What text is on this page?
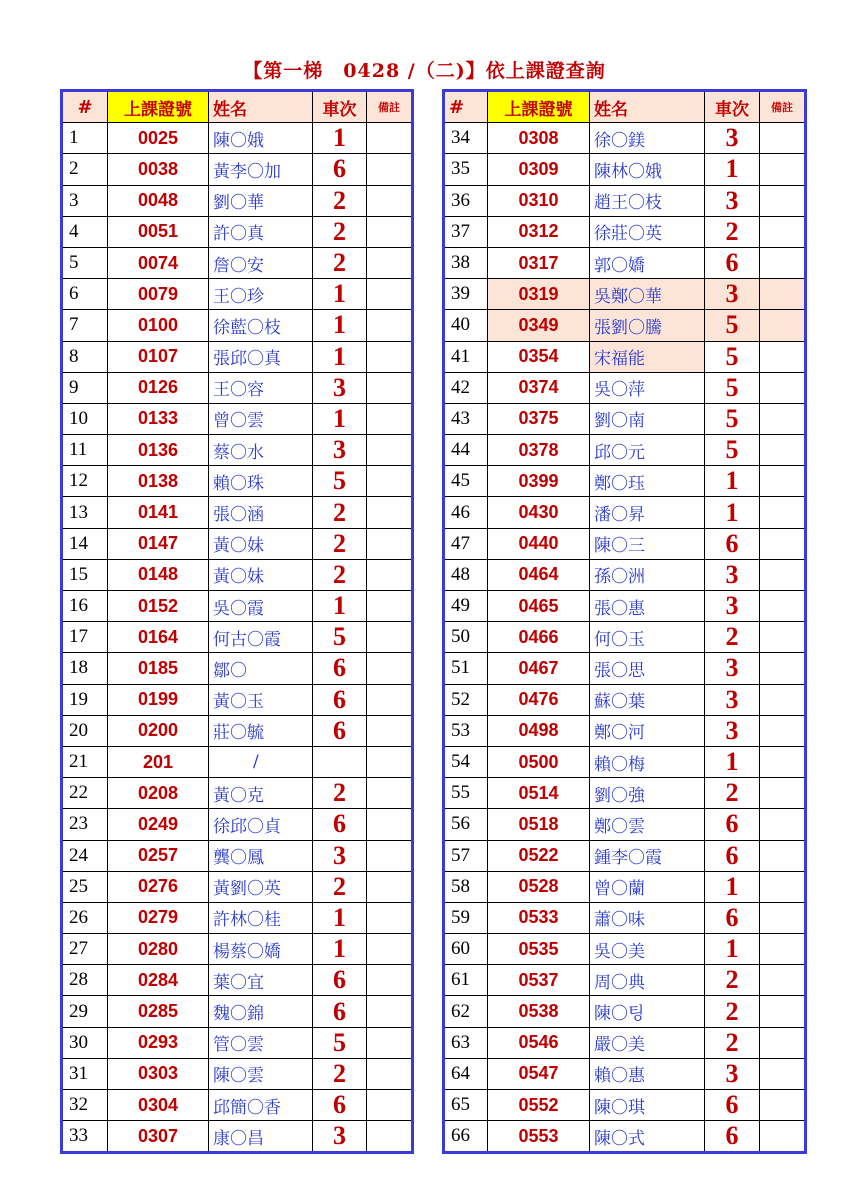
【第一梯　0428 /（二)】依上課證查詢
#	上課證號	姓名	車次	備註
1	0025	陳〇娥	1	
2	0038	黃李〇加	6	
3	0048	劉〇華	2	
4	0051	許〇真	2	
5	0074	詹〇安	2	
6	0079	王〇珍	1	
7	0100	徐藍〇枝	1	
8	0107	張邱〇真	1	
9	0126	王〇容	3	
10	0133	曾〇雲	1	
11	0136	蔡〇水	3	
12	0138	賴〇珠	5	
13	0141	張〇涵	2	
14	0147	黃〇妹	2	
15	0148	黃〇妹	2	
16	0152	吳〇霞	1	
17	0164	何古〇霞	5	
18	0185	鄒〇	6	
19	0199	黃〇玉	6	
20	0200	莊〇毓	6	
21	201	/		
22	0208	黃〇克	2	
23	0249	徐邱〇貞	6	
24	0257	龔〇鳳	3	
25	0276	黃劉〇英	2	
26	0279	許林〇桂	1	
27	0280	楊蔡〇嬌	1	
28	0284	葉〇宜	6	
29	0285	魏〇錦	6	
30	0293	管〇雲	5	
31	0303	陳〇雲	2	
32	0304	邱簡〇香	6	
33	0307	康〇昌	3	
#	上課證號	姓名	車次	備註
34	0308	徐〇鎂	3	
35	0309	陳林〇娥	1	
36	0310	趙王〇枝	3	
37	0312	徐莊〇英	2	
38	0317	郭〇嬌	6	
39	0319	吳鄭〇華	3	
40	0349	張劉〇騰	5	
41	0354	宋福能	5	
42	0374	吳〇萍	5	
43	0375	劉〇南	5	
44	0378	邱〇元	5	
45	0399	鄭〇珏	1	
46	0430	潘〇昇	1	
47	0440	陳〇三	6	
48	0464	孫〇洲	3	
49	0465	張〇惠	3	
50	0466	何〇玉	2	
51	0467	張〇思	3	
52	0476	蘇〇葉	3	
53	0498	鄭〇河	3	
54	0500	賴〇梅	1	
55	0514	劉〇強	2	
56	0518	鄭〇雲	6	
57	0522	鍾李〇霞	6	
58	0528	曾〇蘭	1	
59	0533	蕭〇味	6	
60	0535	吳〇美	1	
61	0537	周〇典	2	
62	0538	陳〇팅	2	
63	0546	嚴〇美	2	
64	0547	賴〇惠	3	
65	0552	陳〇琪	6	
66	0553	陳〇式	6	
